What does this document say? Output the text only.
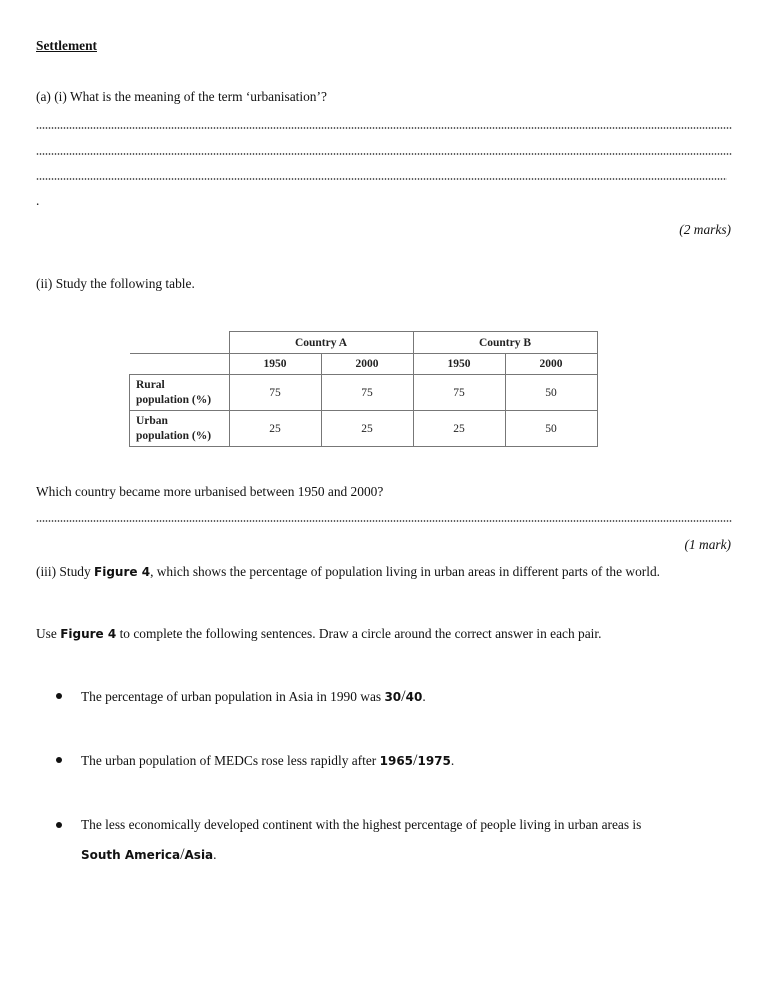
Settlement
(a) (i) What is the meaning of the term ‘urbanisation’?
.
(2 marks)
(ii) Study the following table.
	Country A		Country B	
	1950	2000	1950	2000

Rural
population (%)	75	75	75	50

Urban
population (%)	25	25	25	50
Which country became more urbanised between 1950 and 2000?
(1 mark)
(iii) Study Figure 4, which shows the percentage of population living in urban areas in different parts of the world.
Use Figure 4 to complete the following sentences. Draw a circle around the correct answer in each pair.
The percentage of urban population in Asia in 1990 was 30/40.
The urban population of MEDCs rose less rapidly after 1965/1975.
The less economically developed continent with the highest percentage of people living in urban areas is
South America/Asia.
